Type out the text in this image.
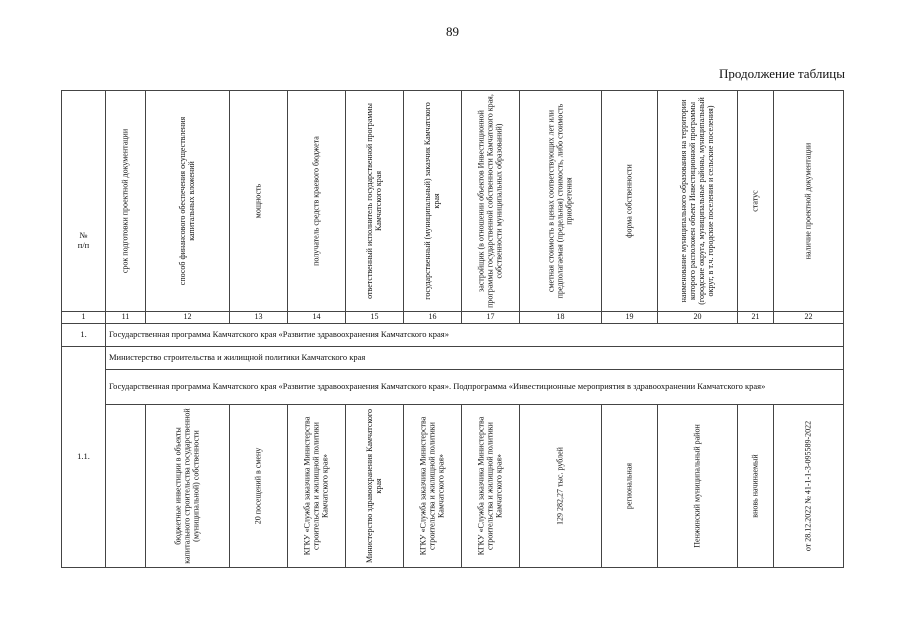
89
Продолжение таблицы
№
п/п	срок подготовки проектной документации	способ финансового обеспечения осуществления капитальных вложений	мощность	получатель средств краевого бюджета	ответственный исполнитель государственной программы Камчатского края	государственный (муниципальный) заказчик Камчатского края	застройщик (в отношении объектов Инвестиционной программы государственной собственности Камчатского края, собственности муниципальных образований)	сметная стоимость в ценах соответствующих лет или предполагаемая (предельная) стоимость, либо стоимость приобретения	форма собственности	наименование муниципального образования на территории которого расположен объект Инвестиционной программы (городские округа, муниципальные районы, муниципальный округ, в т.ч. городские поселения и сельские поселения)	статус	наличие проектной документации

1	11	12	13	14	15	16	17	18	19	20	21	22
1.	Государственная программа Камчатского края «Развитие здравоохранения Камчатского края»											
1.1.	Министерство строительства и жилищной политики Камчатского края											
	Государственная программа Камчатского края «Развитие здравоохранения Камчатского края». Подпрограмма «Инвестиционные мероприятия в здравоохранении Камчатского края»											

		бюджетные инвестиции в объекты капитального строительства государственной (муниципальной) собственности	20 посещений в смену	КГКУ «Служба заказчика Министерства строительства и жилищной политики Камчатского края»	Министерство здравоохранения Камчатского края	КГКУ «Служба заказчика Министерства строительства и жилищной политики Камчатского края»	КГКУ «Служба заказчика Министерства строительства и жилищной политики Камчатского края»	129 282,27 тыс. рублей	региональная	Пенжинский муниципальный район	вновь начинаемый	от 28.12.2022 № 41-1-1-3-095589-2022
